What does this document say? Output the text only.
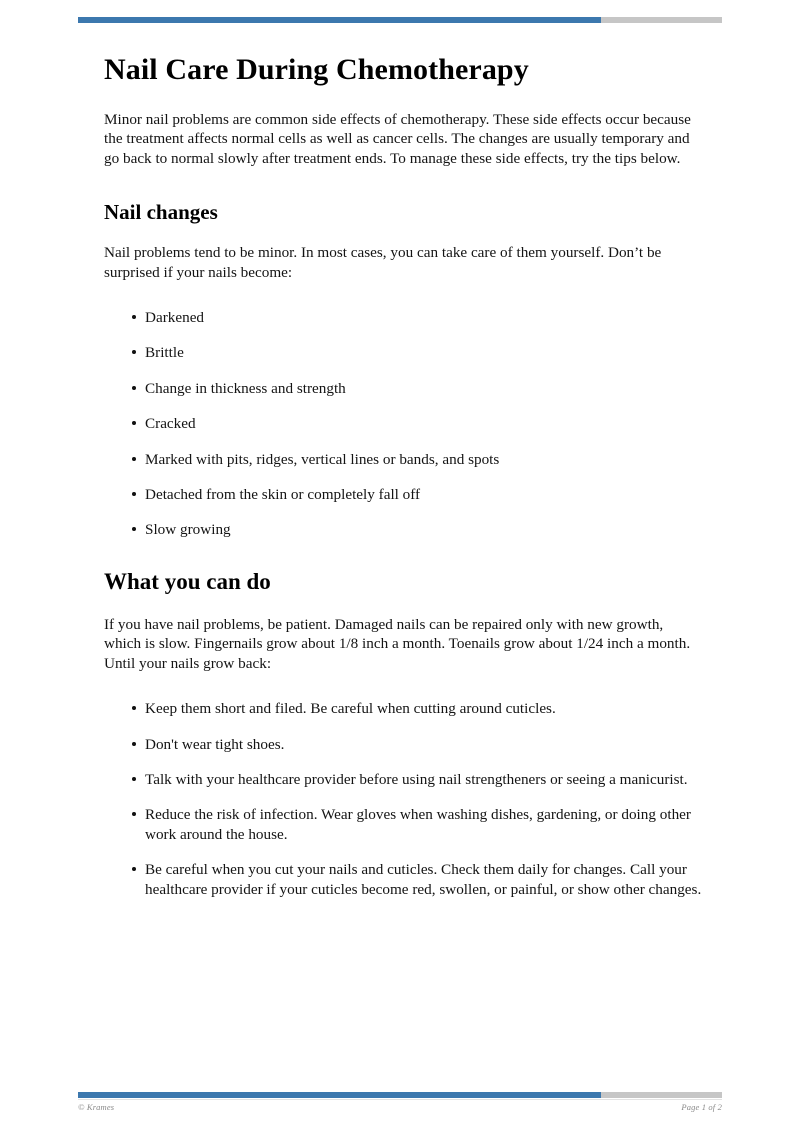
Nail Care During Chemotherapy

Minor nail problems are common side effects of chemotherapy. These side effects occur because the treatment affects normal cells as well as cancer cells. The changes are usually temporary and go back to normal slowly after treatment ends. To manage these side effects, try the tips below.

Nail changes

Nail problems tend to be minor. In most cases, you can take care of them yourself. Don’t be surprised if your nails become:

Darkened
Brittle
Change in thickness and strength
Cracked
Marked with pits, ridges, vertical lines or bands, and spots
Detached from the skin or completely fall off
Slow growing
What you can do

If you have nail problems, be patient. Damaged nails can be repaired only with new growth, which is slow. Fingernails grow about 1/8 inch a month. Toenails grow about 1/24 inch a month. Until your nails grow back:

Keep them short and filed. Be careful when cutting around cuticles.
Don't wear tight shoes.
Talk with your healthcare provider before using nail strengtheners or seeing a manicurist.
Reduce the risk of infection. Wear gloves when washing dishes, gardening, or doing other work around the house.
Be careful when you cut your nails and cuticles. Check them daily for changes. Call your healthcare provider if your cuticles become red, swollen, or painful, or show other changes.
© Krames	Page 1 of 2
